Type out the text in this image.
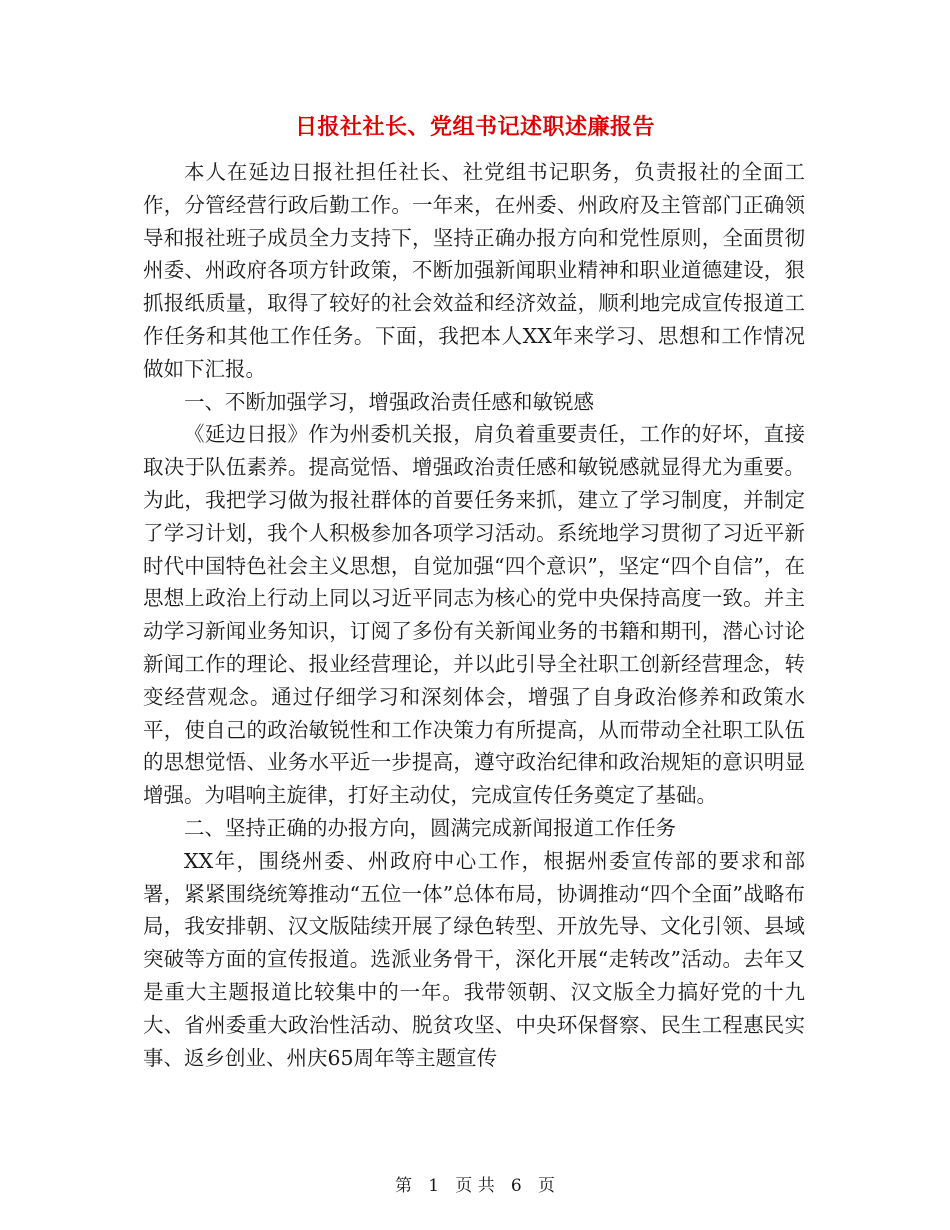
日报社社长、党组书记述职述廉报告

本人在延边日报社担任社长、社党组书记职务，负责报社的全面工作，分管经营行政后勤工作。一年来，在州委、州政府及主管部门正确领导和报社班子成员全力支持下，坚持正确办报方向和党性原则，全面贯彻州委、州政府各项方针政策，不断加强新闻职业精神和职业道德建设，狠抓报纸质量，取得了较好的社会效益和经济效益，顺利地完成宣传报道工作任务和其他工作任务。下面，我把本人XX年来学习、思想和工作情况做如下汇报。

一、不断加强学习，增强政治责任感和敏锐感

《延边日报》作为州委机关报，肩负着重要责任，工作的好坏，直接取决于队伍素养。提高觉悟、增强政治责任感和敏锐感就显得尤为重要。为此，我把学习做为报社群体的首要任务来抓，建立了学习制度，并制定了学习计划，我个人积极参加各项学习活动。系统地学习贯彻了习近平新时代中国特色社会主义思想，自觉加强“四个意识”，坚定“四个自信”，在思想上政治上行动上同以习近平同志为核心的党中央保持高度一致。并主动学习新闻业务知识，订阅了多份有关新闻业务的书籍和期刊，潜心讨论新闻工作的理论、报业经营理论，并以此引导全社职工创新经营理念，转变经营观念。通过仔细学习和深刻体会，增强了自身政治修养和政策水平，使自己的政治敏锐性和工作决策力有所提高，从而带动全社职工队伍的思想觉悟、业务水平近一步提高，遵守政治纪律和政治规矩的意识明显增强。为唱响主旋律，打好主动仗，完成宣传任务奠定了基础。

二、坚持正确的办报方向，圆满完成新闻报道工作任务

XX年，围绕州委、州政府中心工作，根据州委宣传部的要求和部署，紧紧围绕统筹推动“五位一体”总体布局，协调推动“四个全面”战略布局，我安排朝、汉文版陆续开展了绿色转型、开放先导、文化引领、县域突破等方面的宣传报道。选派业务骨干，深化开展“走转改”活动。去年又是重大主题报道比较集中的一年。我带领朝、汉文版全力搞好党的十九大、省州委重大政治性活动、脱贫攻坚、中央环保督察、民生工程惠民实事、返乡创业、州庆65周年等主题宣传

第 1 页 共 6 页
